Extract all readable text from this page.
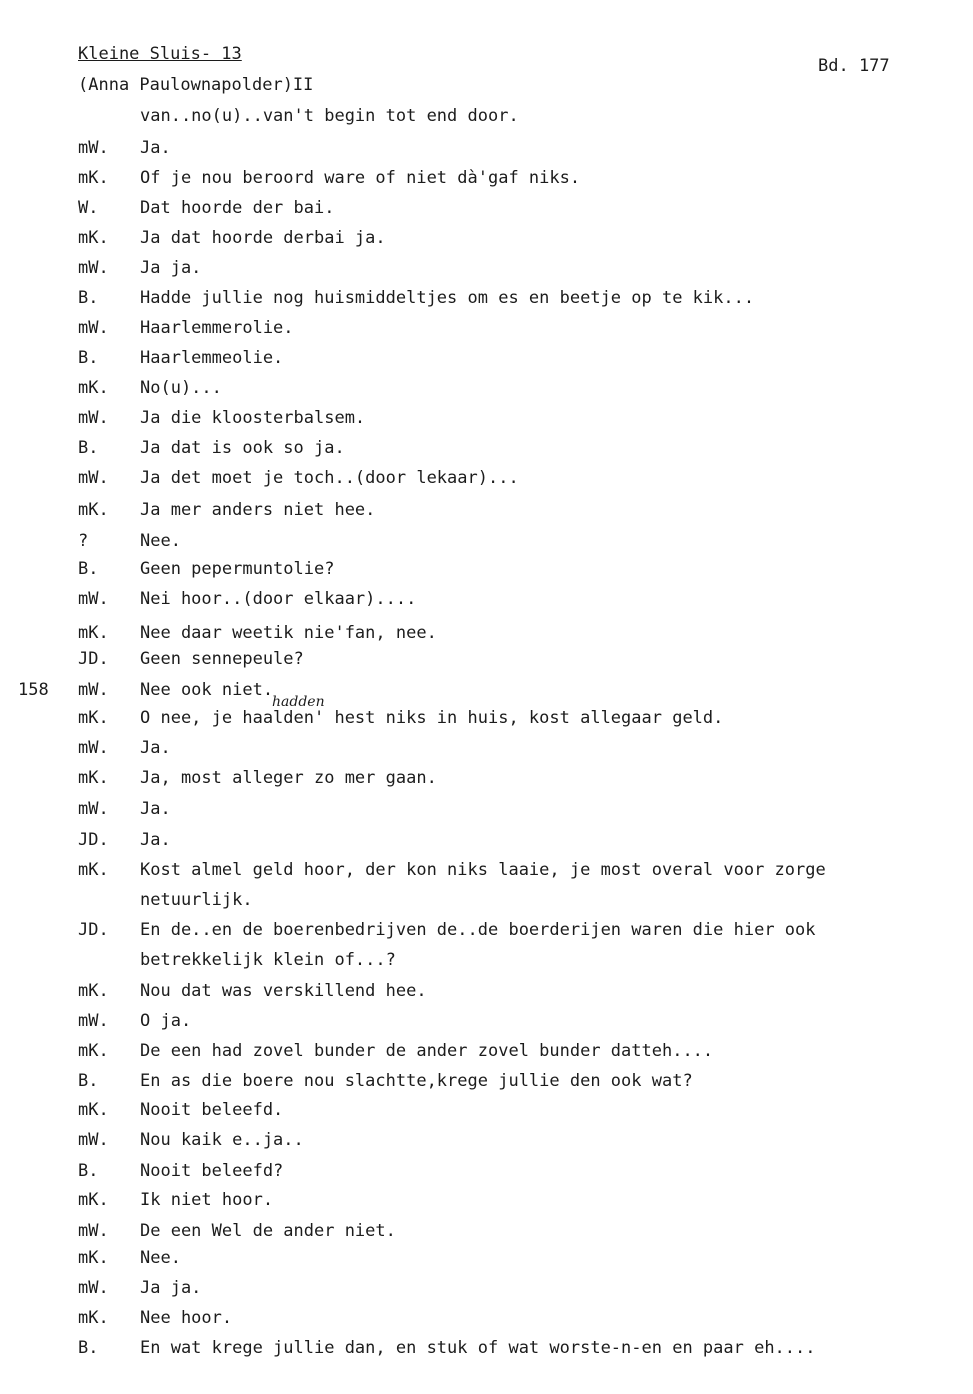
Kleine Sluis- 13
(Anna Paulownapolder)II
Bd. 177
158
hadden
van..no(u)..van't begin tot end door.
mW.	Ja.
mK.	Of je nou beroord ware of niet dà'gaf niks.
W.	Dat hoorde der bai.
mK.	Ja dat hoorde derbai ja.
mW.	Ja ja.
B.	Hadde jullie nog huismiddeltjes om es en beetje op te kik...
mW.	Haarlemmerolie.
B.	Haarlemmeolie.
mK.	No(u)...
mW.	Ja die kloosterbalsem.
B.	Ja dat is ook so ja.
mW.	Ja det moet je toch..(door lekaar)...
mK.	Ja mer anders niet hee.
?	Nee.
B.	Geen pepermuntolie?
mW.	Nei hoor..(door elkaar)....
mK.	Nee daar weetik nie'fan, nee.
JD.	Geen sennepeule?
mW.	Nee ook niet.
mK.	O nee, je haalden' hest niks in huis, kost allegaar geld.
mW.	Ja.
mK.	Ja, most alleger zo mer gaan.
mW.	Ja.
JD.	Ja.
mK.	Kost almel geld hoor, der kon niks laaie, je most overal voor zorge
netuurlijk.
JD.	En de..en de boerenbedrijven de..de boerderijen waren die hier ook
betrekkelijk klein of...?
mK.	Nou dat was verskillend hee.
mW.	O ja.
mK.	De een had zovel bunder de ander zovel bunder datteh....
B.	En as die boere nou slachtte,krege jullie den ook wat?
mK.	Nooit beleefd.
mW.	Nou kaik e..ja..
B.	Nooit beleefd?
mK.	Ik niet hoor.
mW.	De een Wel de ander niet.
mK.	Nee.
mW.	Ja ja.
mK.	Nee hoor.
B.	En wat krege jullie dan, en stuk of wat worste-n-en en paar eh....
